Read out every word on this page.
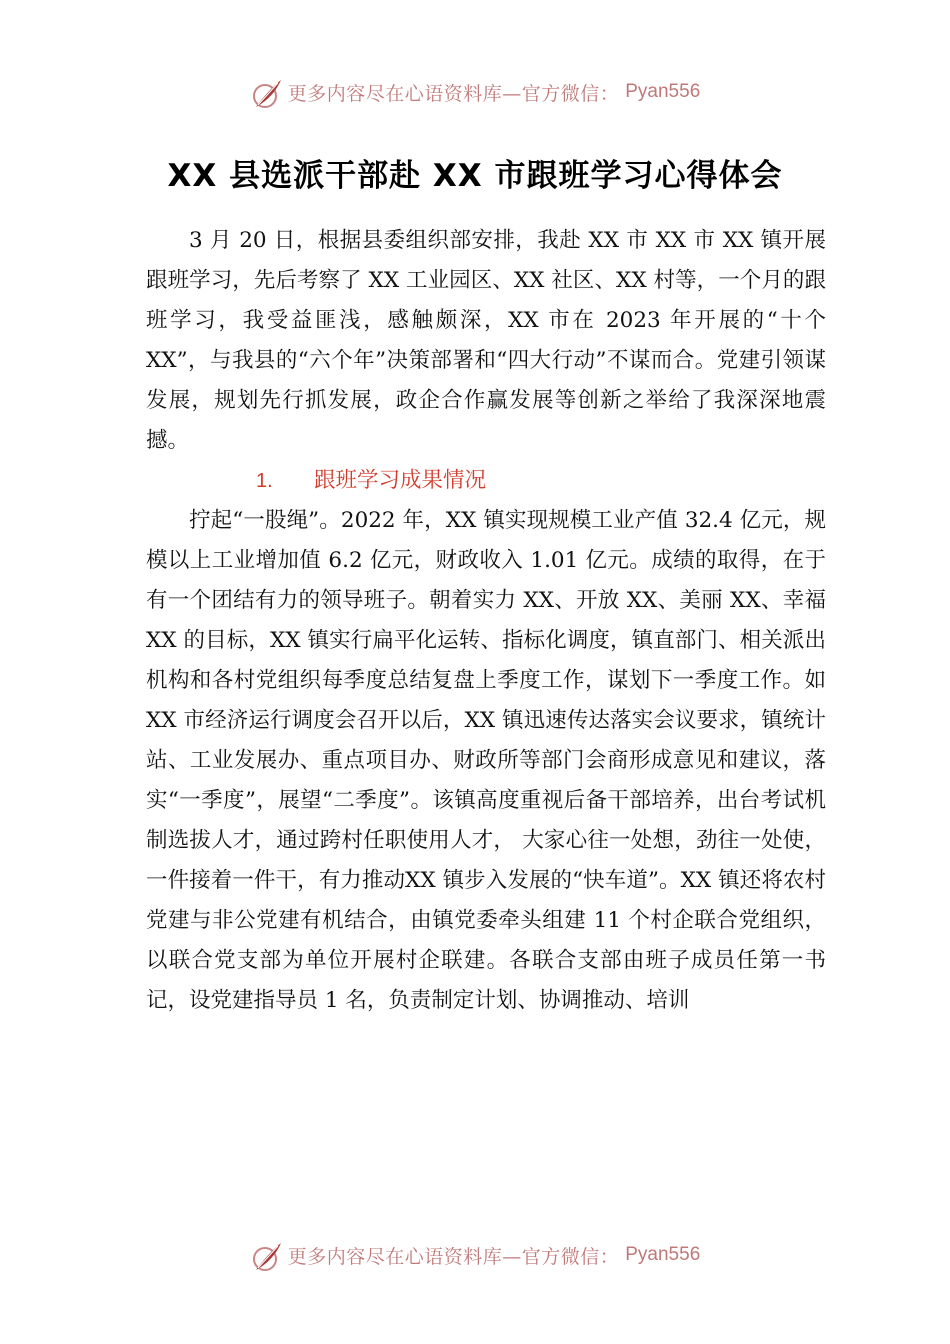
更多内容尽在心语资料库—官方微信： Pyan556
XX 县选派干部赴 XX 市跟班学习心得体会

3 月 20 日，根据县委组织部安排，我赴 XX 市 XX 市 XX 镇开展跟班学习，先后考察了 XX 工业园区、XX 社区、XX 村等，一个月的跟班学习，我受益匪浅，感触颇深，XX 市在 2023 年开展的“十个 XX”，与我县的“六个年”决策部署和“四大行动”不谋而合。党建引领谋发展，规划先行抓发展，政企合作赢发展等创新之举给了我深深地震撼。

1. 跟班学习成果情况

拧起“一股绳”。2022 年，XX 镇实现规模工业产值 32.4 亿元，规模以上工业增加值 6.2 亿元，财政收入 1.01 亿元。成绩的取得，在于有一个团结有力的领导班子。朝着实力 XX、开放 XX、美丽 XX、幸福 XX 的目标，XX 镇实行扁平化运转、指标化调度，镇直部门、相关派出机构和各村党组织每季度总结复盘上季度工作，谋划下一季度工作。如 XX 市经济运行调度会召开以后，XX 镇迅速传达落实会议要求，镇统计站、工业发展办、重点项目办、财政所等部门会商形成意见和建议，落实“一季度”，展望“二季度”。该镇高度重视后备干部培养，出台考试机制选拔人才，通过跨村任职使用人才， 大家心往一处想，劲往一处使，一件接着一件干，有力推动XX 镇步入发展的“快车道”。XX 镇还将农村党建与非公党建有机结合，由镇党委牵头组建 11 个村企联合党组织，以联合党支部为单位开展村企联建。各联合支部由班子成员任第一书记，设党建指导员 1 名，负责制定计划、协调推动、培训

更多内容尽在心语资料库—官方微信： Pyan556
